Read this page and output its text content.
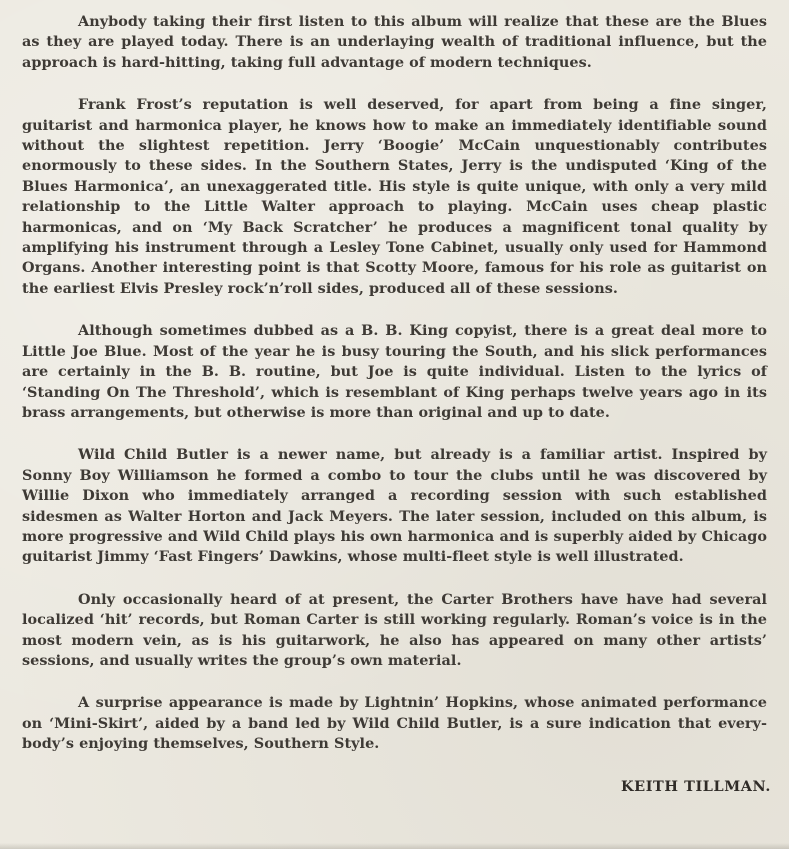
Anybody taking their first listen to this album will realize that these are the Blues as they are played today. There is an underlaying wealth of traditional influence, but the approach is hard-hitting, taking full advantage of modern techniques.

Frank Frost’s reputation is well deserved, for apart from being a fine singer, guitarist and harmonica player, he knows how to make an immediately identifiable sound without the slightest repetition. Jerry ‘Boogie’ McCain unquestionably contributes enormously to these sides. In the Southern States, Jerry is the undisputed ‘King of the Blues Harmonica’, an unexaggerated title. His style is quite unique, with only a very mild relationship to the Little Walter approach to playing. McCain uses cheap plastic harmonicas, and on ‘My Back Scratcher’ he produces a magnificent tonal quality by amplifying his instrument through a Lesley Tone Cabinet, usually only used for Hammond Organs. Another interesting point is that Scotty Moore, famous for his role as guitarist on the earliest Elvis Presley rock’n’roll sides, produced all of these sessions.

Although sometimes dubbed as a B. B. King copyist, there is a great deal more to Little Joe Blue. Most of the year he is busy touring the South, and his slick performances are certainly in the B. B. routine, but Joe is quite individual. Listen to the lyrics of ‘Standing On The Threshold’, which is resemblant of King perhaps twelve years ago in its brass arrangements, but otherwise is more than original and up to date.

Wild Child Butler is a newer name, but already is a familiar artist. Inspired by Sonny Boy Williamson he formed a combo to tour the clubs until he was discovered by Willie Dixon who immediately arranged a recording session with such established sidesmen as Walter Horton and Jack Meyers. The later session, included on this album, is more progressive and Wild Child plays his own harmonica and is superbly aided by Chicago guitarist Jimmy ‘Fast Fingers’ Dawkins, whose multi-fleet style is well illustrated.

Only occasionally heard of at present, the Carter Brothers have have had several localized ‘hit’ records, but Roman Carter is still working regularly. Roman’s voice is in the most modern vein, as is his guitarwork, he also has appeared on many other artists’ sessions, and usually writes the group’s own material.

A surprise appearance is made by Lightnin’ Hopkins, whose animated performance on ‘Mini-Skirt’, aided by a band led by Wild Child Butler, is a sure indication that every-body’s enjoying themselves, Southern Style.

KEITH TILLMAN.
